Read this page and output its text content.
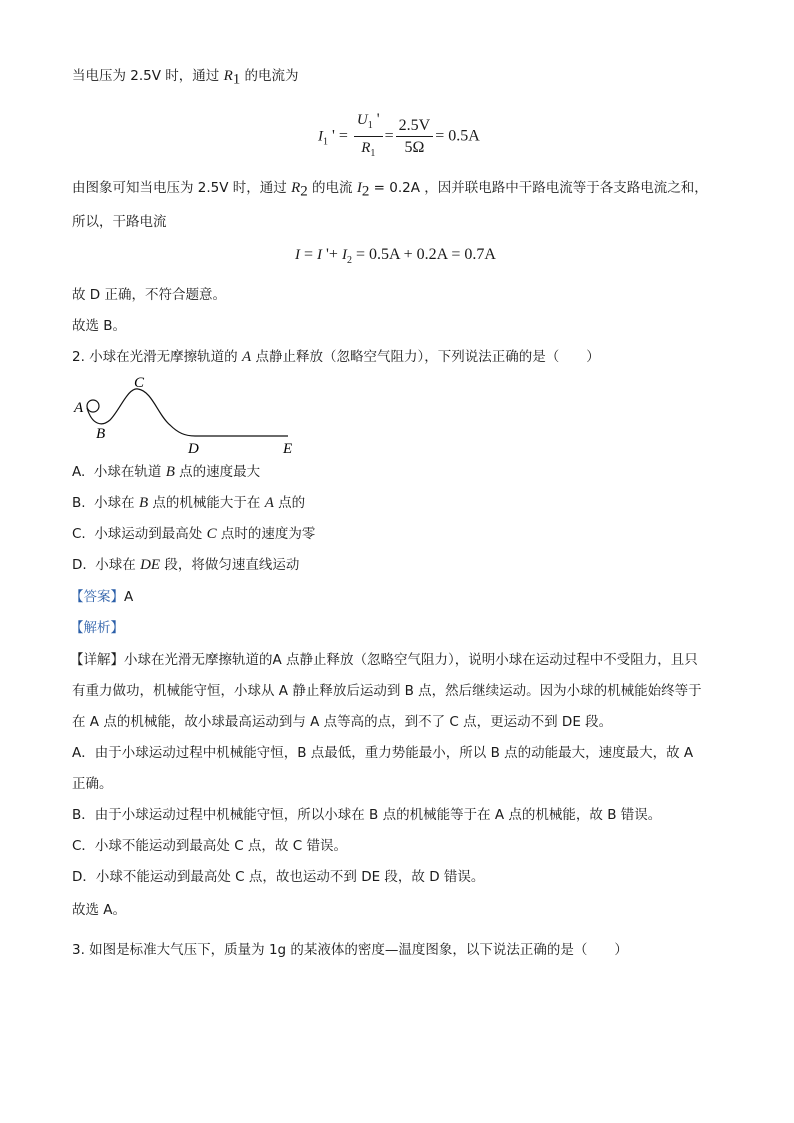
当电压为 2.5V 时，通过 $R_1$ 的电流为
$I_1$ ' = $\frac{U_1 '}{R_1} = \frac{2.5V}{5\Omega} = 0.5A$
由图象可知当电压为 2.5V 时，通过 $R_2$ 的电流 $I_2 = 0.2A$ ，因并联电路中干路电流等于各支路电流之和，
所以，干路电流
I = I '+ $I_2 = 0.5A + 0.2A = 0.7A$
故 D 正确，不符合题意。
故选 B。
2. 小球在光滑无摩擦轨道的 A 点静止释放（忽略空气阻力），下列说法正确的是（　　）
A
B
C
D	E
A. 小球在轨道 B 点的速度最大
B. 小球在 B 点的机械能大于在 A 点的
C. 小球运动到最高处 C 点时的速度为零
D. 小球在 DE 段，将做匀速直线运动
【答案】A
【解析】
【详解】小球在光滑无摩擦轨道的A 点静止释放（忽略空气阻力），说明小球在运动过程中不受阻力，且只
有重力做功，机械能守恒，小球从 A 静止释放后运动到 B 点，然后继续运动。因为小球的机械能始终等于
在 A 点的机械能，故小球最高运动到与 A 点等高的点，到不了 C 点，更运动不到 DE 段。
A．由于小球运动过程中机械能守恒，B 点最低，重力势能最小，所以 B 点的动能最大，速度最大，故 A
正确。
B．由于小球运动过程中机械能守恒，所以小球在 B 点的机械能等于在 A 点的机械能，故 B 错误。
C．小球不能运动到最高处 C 点，故 C 错误。
D．小球不能运动到最高处 C 点，故也运动不到 DE 段，故 D 错误。
故选 A。
3. 如图是标准大气压下，质量为 1g 的某液体的密度—温度图象，以下说法正确的是（　　）
